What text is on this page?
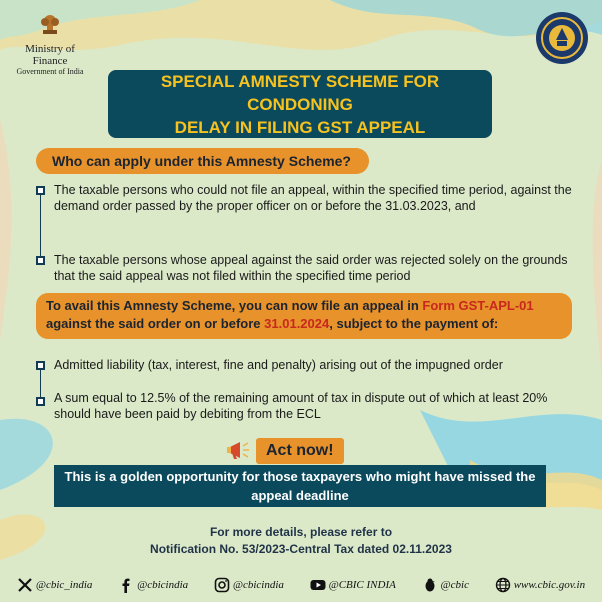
Ministry of Finance
Government of India	SPECIAL AMNESTY SCHEME FOR CONDONING
DELAY IN FILING GST APPEAL
Who can apply under this Amnesty Scheme?
The taxable persons who could not file an appeal, within the specified time period, against the demand order passed by the proper officer on or before the 31.03.2023, and
The taxable persons whose appeal against the said order was rejected solely on the grounds that the said appeal was not filed within the specified time period
To avail this Amnesty Scheme, you can now file an appeal in Form GST-APL-01 against the said order on or before 31.01.2024, subject to the payment of:
Admitted liability (tax, interest, fine and penalty) arising out of the impugned order
A sum equal to 12.5% of the remaining amount of tax in dispute out of which at least 20% should have been paid by debiting from the ECL
Act now!
This is a golden opportunity for those taxpayers who might have missed the
appeal deadline
For more details, please refer to
Notification No. 53/2023-Central Tax dated 02.11.2023
@cbic_india	@cbicindia	@cbicindia	@CBIC INDIA	@cbic	www.cbic.gov.in
